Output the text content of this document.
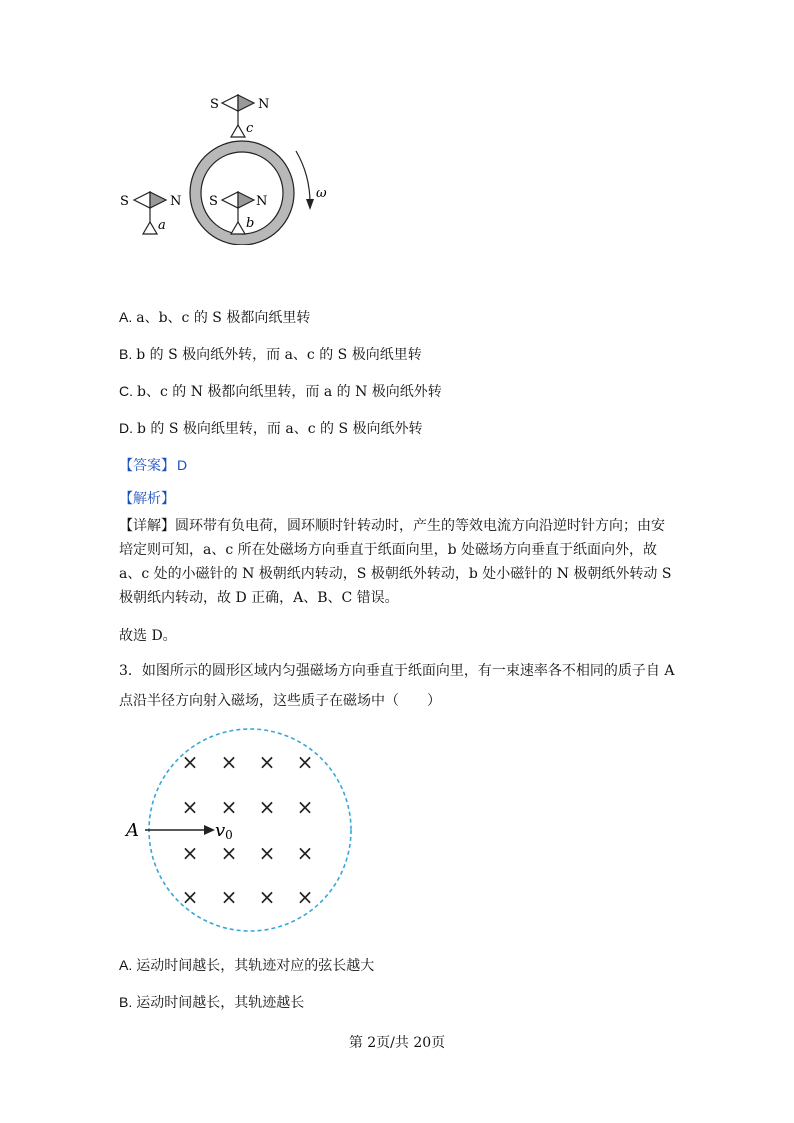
S	N
c
S	N
a
S	N
b
ω
A. a、b、c 的 S 极都向纸里转
B. b 的 S 极向纸外转，而 a、c 的 S 极向纸里转
C. b、c 的 N 极都向纸里转，而 a 的 N 极向纸外转
D. b 的 S 极向纸里转，而 a、c 的 S 极向纸外转
【答案】 D
【解析】
【详解】圆环带有负电荷，圆环顺时针转动时，产生的等效电流方向沿逆时针方向；由安培定则可知，a、c 所在处磁场方向垂直于纸面向里，b 处磁场方向垂直于纸面向外，故 a、c 处的小磁针的 N 极朝纸内转动，S 极朝纸外转动，b 处小磁针的 N 极朝纸外转动 S 极朝纸内转动，故 D 正确，A、B、C 错误。
故选 D。
3．如图所示的圆形区域内匀强磁场方向垂直于纸面向里，有一束速率各不相同的质子自 A 点沿半径方向射入磁场，这些质子在磁场中（　　）
× × × ×
× × × ×
× × × ×
× × × ×
A	v0
A. 运动时间越长，其轨迹对应的弦长越大
B. 运动时间越长，其轨迹越长
第 2页/共 20页
